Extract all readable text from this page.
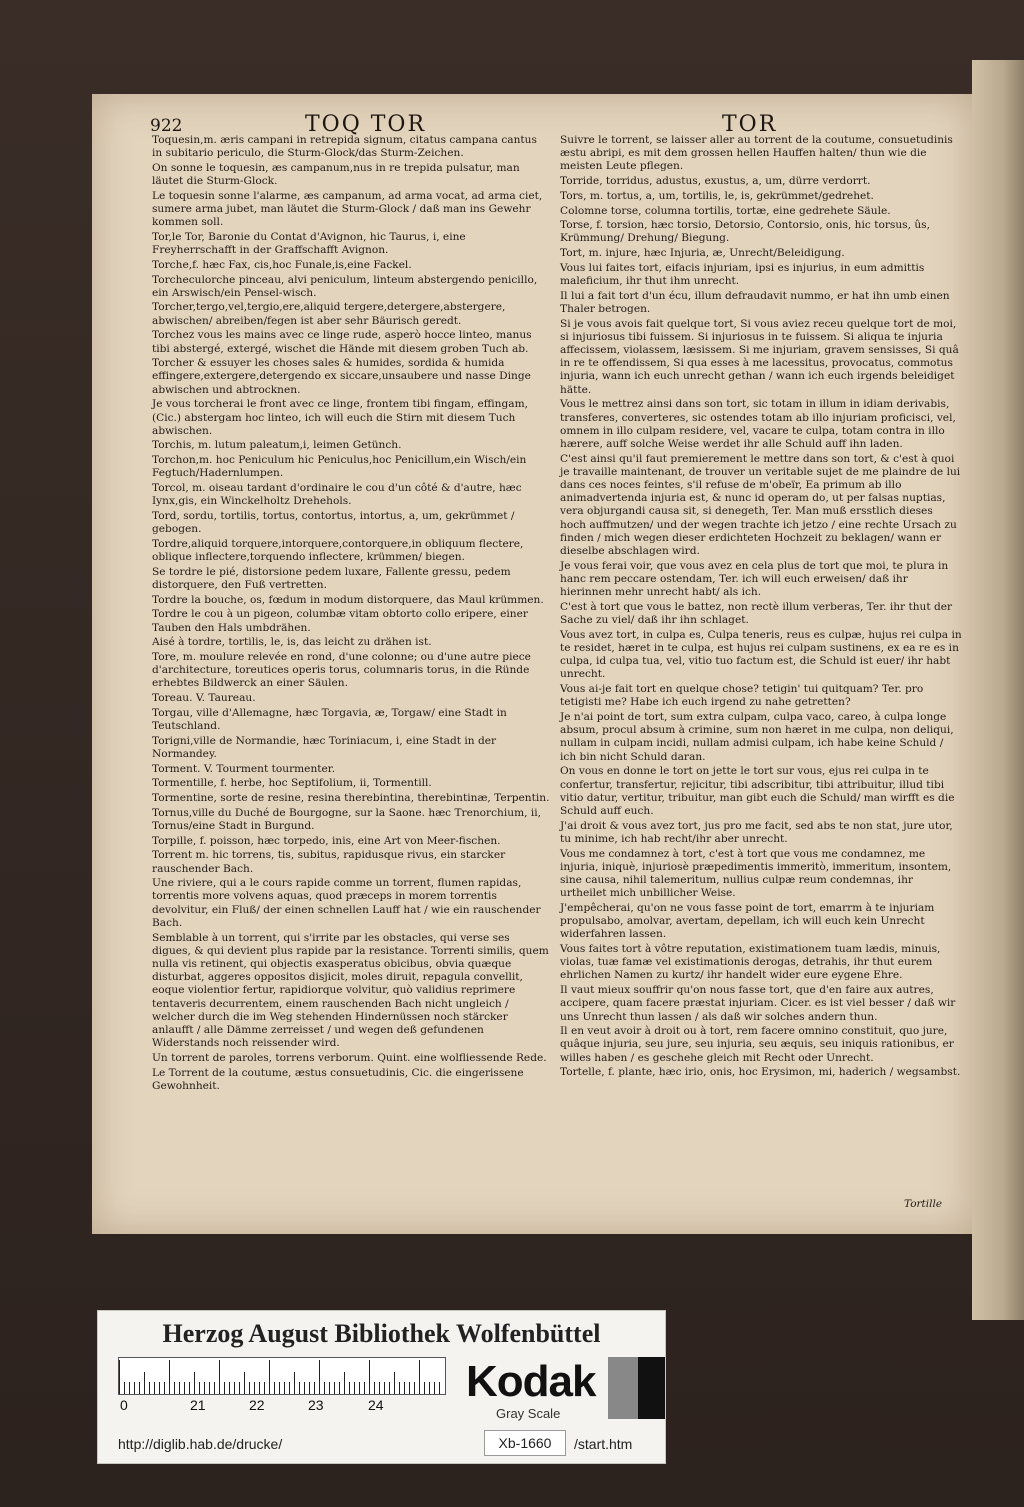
922	TOQ TOR	TOR
Toquesin,m. æris campani in retrepida signum, citatus campana cantus in subitario periculo, die Sturm-Glock/das Sturm-Zeichen.
On sonne le toquesin, æs campanum,nus in re trepida pulsatur, man läutet die Sturm-Glock.
Le toquesin sonne l'alarme, æs campanum, ad arma vocat, ad arma ciet, sumere arma jubet, man läutet die Sturm-Glock / daß man ins Gewehr kommen soll.
Tor,le Tor, Baronie du Contat d'Avignon, hic Taurus, i, eine Freyherrschafft in der Graffschafft Avignon.
Torche,f. hæc Fax, cis,hoc Funale,is,eine Fackel.
Torcheculorche pinceau, alvi peniculum, linteum abstergendo penicillo, ein Arswisch/ein Pensel-wisch.
Torcher,tergo,vel,tergio,ere,aliquid tergere,detergere,abstergere, abwischen/ abreiben/fegen ist aber sehr Bäurisch geredt.
Torchez vous les mains avec ce linge rude, asperò hocce linteo, manus tibi abstergé, extergé, wischet die Hände mit diesem groben Tuch ab.
Torcher & essuyer les choses sales & humides, sordida & humida effingere,extergere,detergendo ex siccare,unsaubere und nasse Dinge abwischen und abtrocknen.
Je vous torcherai le front avec ce linge, frontem tibi fingam, effingam, (Cic.) abstergam hoc linteo, ich will euch die Stirn mit diesem Tuch abwischen.
Torchis, m. lutum paleatum,i, leimen Getünch.
Torchon,m. hoc Peniculum hic Peniculus,hoc Penicillum,ein Wisch/ein Fegtuch/Hadernlumpen.
Torcol, m. oiseau tardant d'ordinaire le cou d'un côté & d'autre, hæc Iynx,gis, ein Winckelholtz Drehehols.
Tord, sordu, tortilis, tortus, contortus, intortus, a, um, gekrümmet / gebogen.
Tordre,aliquid torquere,intorquere,contorquere,in obliquum flectere, oblique inflectere,torquendo inflectere, krümmen/ biegen.
Se tordre le pié, distorsione pedem luxare, Fallente gressu, pedem distorquere, den Fuß vertretten.
Tordre la bouche, os, fœdum in modum distorquere, das Maul krümmen.
Tordre le cou à un pigeon, columbæ vitam obtorto collo eripere, einer Tauben den Hals umbdrähen.
Aisé à tordre, tortilis, le, is, das leicht zu drähen ist.
Tore, m. moulure relevée en rond, d'une colonne; ou d'une autre piece d'architecture, toreutices operis torus, columnaris torus, in die Ründe erhebtes Bildwerck an einer Säulen.
Toreau. V. Taureau.
Torgau, ville d'Allemagne, hæc Torgavia, æ, Torgaw/ eine Stadt in Teutschland.
Torigni,ville de Normandie, hæc Toriniacum, i, eine Stadt in der Normandey.
Torment. V. Tourment tourmenter.
Tormentille, f. herbe, hoc Septifolium, ii, Tormentill.
Tormentine, sorte de resine, resina therebintina, therebintinæ, Terpentin.
Tornus,ville du Duché de Bourgogne, sur la Saone. hæc Trenorchium, ii, Tornus/eine Stadt in Burgund.
Torpille, f. poisson, hæc torpedo, inis, eine Art von Meer-fischen.
Torrent m. hic torrens, tis, subitus, rapidusque rivus, ein starcker rauschender Bach.
Une riviere, qui a le cours rapide comme un torrent, flumen rapidas, torrentis more volvens aquas, quod præceps in morem torrentis devolvitur, ein Fluß/ der einen schnellen Lauff hat / wie ein rauschender Bach.
Semblable à un torrent, qui s'irrite par les obstacles, qui verse ses digues, & qui devient plus rapide par la resistance. Torrenti similis, quem nulla vis retinent, qui objectis exasperatus obicibus, obvia quæque disturbat, aggeres oppositos disjicit, moles diruit, repagula convellit, eoque violentior fertur, rapidiorque volvitur, quò validius reprimere tentaveris decurrentem, einem rauschenden Bach nicht ungleich / welcher durch die im Weg stehenden Hindernüssen noch stärcker anlaufft / alle Dämme zerreisset / und wegen deß gefundenen Widerstands noch reissender wird.
Un torrent de paroles, torrens verborum. Quint. eine wolfliessende Rede.
Le Torrent de la coutume, æstus consuetudinis, Cic. die eingerissene Gewohnheit.
Suivre le torrent, se laisser aller au torrent de la coutume, consuetudinis æstu abripi, es mit dem grossen hellen Hauffen halten/ thun wie die meisten Leute pflegen.
Torride, torridus, adustus, exustus, a, um, dürre verdorrt.
Tors, m. tortus, a, um, tortilis, le, is, gekrümmet/gedrehet.
Colomne torse, columna tortilis, tortæ, eine gedrehete Säule.
Torse, f. torsion, hæc torsio, Detorsio, Contorsio, onis, hic torsus, ûs, Krümmung/ Drehung/ Biegung.
Tort, m. injure, hæc Injuria, æ, Unrecht/Beleidigung.
Vous lui faites tort, eifacis injuriam, ipsi es injurius, in eum admittis maleficium, ihr thut ihm unrecht.
Il lui a fait tort d'un écu, illum defraudavit nummo, er hat ihn umb einen Thaler betrogen.
Si je vous avois fait quelque tort, Si vous aviez receu quelque tort de moi, si injuriosus tibi fuissem. Si injuriosus in te fuissem. Si aliqua te injuria affecissem, violassem, læsissem. Si me injuriam, gravem sensisses, Si quâ in re te offendissem, Si qua esses à me lacessitus, provocatus, commotus injuria, wann ich euch unrecht gethan / wann ich euch irgends beleidiget hätte.
Vous le mettrez ainsi dans son tort, sic totam in illum in idiam derivabis, transferes, converteres, sic ostendes totam ab illo injuriam proficisci, vel, omnem in illo culpam residere, vel, vacare te culpa, totam contra in illo hærere, auff solche Weise werdet ihr alle Schuld auff ihn laden.
C'est ainsi qu'il faut premierement le mettre dans son tort, & c'est à quoi je travaille maintenant, de trouver un veritable sujet de me plaindre de lui dans ces noces feintes, s'il refuse de m'obeïr, Ea primum ab illo animadvertenda injuria est, & nunc id operam do, ut per falsas nuptias, vera objurgandi causa sit, si denegeth, Ter. Man muß ersstlich dieses hoch auffmutzen/ und der wegen trachte ich jetzo / eine rechte Ursach zu finden / mich wegen dieser erdichteten Hochzeit zu beklagen/ wann er dieselbe abschlagen wird.
Je vous ferai voir, que vous avez en cela plus de tort que moi, te plura in hanc rem peccare ostendam, Ter. ich will euch erweisen/ daß ihr hierinnen mehr unrecht habt/ als ich.
C'est à tort que vous le battez, non rectè illum verberas, Ter. ihr thut der Sache zu viel/ daß ihr ihn schlaget.
Vous avez tort, in culpa es, Culpa teneris, reus es culpæ, hujus rei culpa in te residet, hæret in te culpa, est hujus rei culpam sustinens, ex ea re es in culpa, id culpa tua, vel, vitio tuo factum est, die Schuld ist euer/ ihr habt unrecht.
Vous ai-je fait tort en quelque chose? tetigin' tui quitquam? Ter. pro tetigisti me? Habe ich euch irgend zu nahe getretten?
Je n'ai point de tort, sum extra culpam, culpa vaco, careo, à culpa longe absum, procul absum à crimine, sum non hæret in me culpa, non deliqui, nullam in culpam incidi, nullam admisi culpam, ich habe keine Schuld / ich bin nicht Schuld daran.
On vous en donne le tort on jette le tort sur vous, ejus rei culpa in te confertur, transfertur, rejicitur, tibi adscribitur, tibi attribuitur, illud tibi vitio datur, vertitur, tribuitur, man gibt euch die Schuld/ man wirfft es die Schuld auff euch.
J'ai droit & vous avez tort, jus pro me facit, sed abs te non stat, jure utor, tu minime, ich hab recht/ihr aber unrecht.
Vous me condamnez à tort, c'est à tort que vous me condamnez, me injuria, iniquè, injuriosè præpedimentis immeritò, immeritum, insontem, sine causa, nihil talemeritum, nullius culpæ reum condemnas, ihr urtheilet mich unbillicher Weise.
J'empêcherai, qu'on ne vous fasse point de tort, emarrm à te injuriam propulsabo, amolvar, avertam, depellam, ich will euch kein Unrecht widerfahren lassen.
Vous faites tort à vôtre reputation, existimationem tuam lædis, minuis, violas, tuæ famæ vel existimationis derogas, detrahis, ihr thut eurem ehrlichen Namen zu kurtz/ ihr handelt wider eure eygene Ehre.
Il vaut mieux souffrir qu'on nous fasse tort, que d'en faire aux autres, accipere, quam facere præstat injuriam. Cicer. es ist viel besser / daß wir uns Unrecht thun lassen / als daß wir solches andern thun.
Il en veut avoir à droit ou à tort, rem facere omnino constituit, quo jure, quâque injuria, seu jure, seu injuria, seu æquis, seu iniquis rationibus, er willes haben / es geschehe gleich mit Recht oder Unrecht.
Tortelle, f. plante, hæc irio, onis, hoc Erysimon, mi, haderich / wegsambst.
Tortille
Herzog August Bibliothek Wolfenbüttel
0	21	22	23	24 Kodak
Gray Scale
http://diglib.hab.de/drucke/	Xb-1660	/start.htm
